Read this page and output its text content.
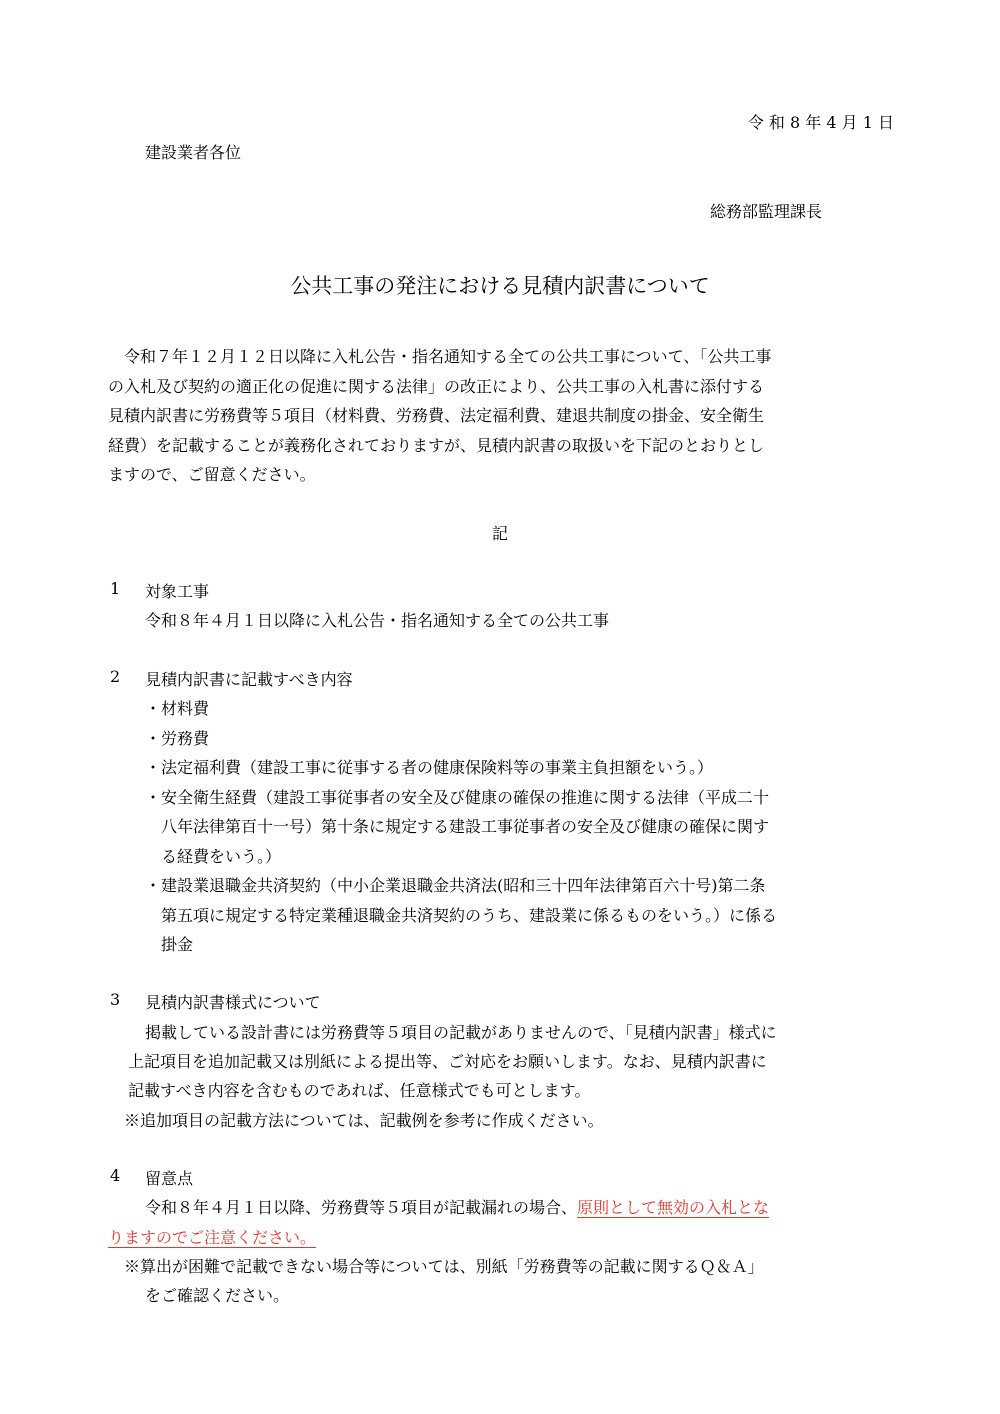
令 和 8 年 4 月 1 日
建設業者各位
総務部監理課長
公共工事の発注における見積内訳書について
令和７年１２月１２日以降に入札公告・指名通知する全ての公共工事について、「公共工事
の入札及び契約の適正化の促進に関する法律」の改正により、公共工事の入札書に添付する
見積内訳書に労務費等５項目（材料費、労務費、法定福利費、建退共制度の掛金、安全衛生
経費）を記載することが義務化されておりますが、見積内訳書の取扱いを下記のとおりとし
ますので、ご留意ください。
記
1 対象工事
令和８年４月１日以降に入札公告・指名通知する全ての公共工事
2 見積内訳書に記載すべき内容
・材料費
・労務費
・法定福利費（建設工事に従事する者の健康保険料等の事業主負担額をいう。）
・安全衛生経費（建設工事従事者の安全及び健康の確保の推進に関する法律（平成二十
八年法律第百十一号）第十条に規定する建設工事従事者の安全及び健康の確保に関す
る経費をいう。）
・建設業退職金共済契約（中小企業退職金共済法(昭和三十四年法律第百六十号)第二条
第五項に規定する特定業種退職金共済契約のうち、建設業に係るものをいう。）に係る
掛金
3 見積内訳書様式について
掲載している設計書には労務費等５項目の記載がありませんので、「見積内訳書」様式に
上記項目を追加記載又は別紙による提出等、ご対応をお願いします。なお、見積内訳書に
記載すべき内容を含むものであれば、任意様式でも可とします。
※追加項目の記載方法については、記載例を参考に作成ください。
4 留意点
令和８年４月１日以降、労務費等５項目が記載漏れの場合、原則として無効の入札とな
りますのでご注意ください。
※算出が困難で記載できない場合等については、別紙「労務費等の記載に関するＱ＆Ａ」
をご確認ください。
